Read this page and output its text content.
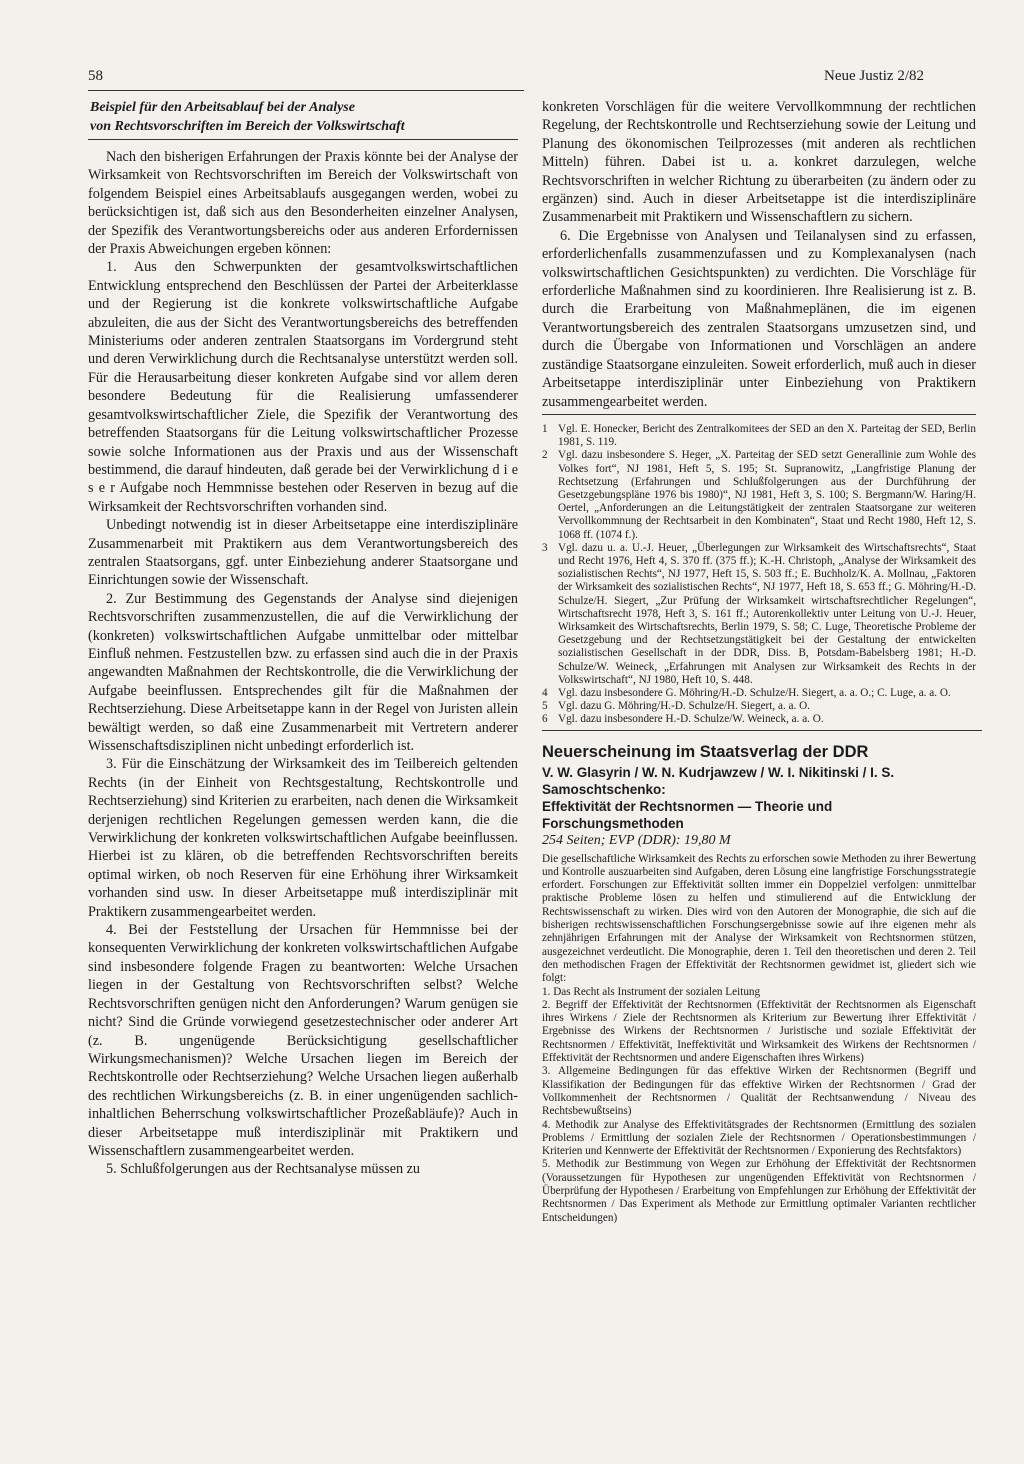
58	Neue Justiz 2/82
Beispiel für den Arbeitsablauf bei der Analyse
von Rechtsvorschriften im Bereich der Volkswirtschaft

Nach den bisherigen Erfahrungen der Praxis könnte bei der Analyse der Wirksamkeit von Rechtsvorschriften im Bereich der Volkswirtschaft von folgendem Beispiel eines Arbeitsablaufs ausgegangen werden, wobei zu berücksichtigen ist, daß sich aus den Besonderheiten einzelner Analysen, der Spezifik des Verantwortungsbereichs oder aus anderen Erfordernissen der Praxis Abweichungen ergeben können:

1. Aus den Schwerpunkten der gesamtvolkswirtschaftlichen Entwicklung entsprechend den Beschlüssen der Partei der Arbeiterklasse und der Regierung ist die konkrete volkswirtschaftliche Aufgabe abzuleiten, die aus der Sicht des Verantwortungsbereichs des betreffenden Ministeriums oder anderen zentralen Staatsorgans im Vordergrund steht und deren Verwirklichung durch die Rechtsanalyse unterstützt werden soll. Für die Herausarbeitung dieser konkreten Aufgabe sind vor allem deren besondere Bedeutung für die Realisierung umfassenderer gesamtvolkswirtschaftlicher Ziele, die Spezifik der Verantwortung des betreffenden Staatsorgans für die Leitung volkswirtschaftlicher Prozesse sowie solche Informationen aus der Praxis und aus der Wissenschaft bestimmend, die darauf hindeuten, daß gerade bei der Verwirklichung d i e s e r Aufgabe noch Hemmnisse bestehen oder Reserven in bezug auf die Wirksamkeit der Rechtsvorschriften vorhanden sind.

Unbedingt notwendig ist in dieser Arbeitsetappe eine interdisziplinäre Zusammenarbeit mit Praktikern aus dem Verantwortungsbereich des zentralen Staatsorgans, ggf. unter Einbeziehung anderer Staatsorgane und Einrichtungen sowie der Wissenschaft.

2. Zur Bestimmung des Gegenstands der Analyse sind diejenigen Rechtsvorschriften zusammenzustellen, die auf die Verwirklichung der (konkreten) volkswirtschaftlichen Aufgabe unmittelbar oder mittelbar Einfluß nehmen. Festzustellen bzw. zu erfassen sind auch die in der Praxis angewandten Maßnahmen der Rechtskontrolle, die die Verwirklichung der Aufgabe beeinflussen. Entsprechendes gilt für die Maßnahmen der Rechtserziehung. Diese Arbeitsetappe kann in der Regel von Juristen allein bewältigt werden, so daß eine Zusammenarbeit mit Vertretern anderer Wissenschaftsdisziplinen nicht unbedingt erforderlich ist.

3. Für die Einschätzung der Wirksamkeit des im Teilbereich geltenden Rechts (in der Einheit von Rechtsgestaltung, Rechtskontrolle und Rechtserziehung) sind Kriterien zu erarbeiten, nach denen die Wirksamkeit derjenigen rechtlichen Regelungen gemessen werden kann, die die Verwirklichung der konkreten volkswirtschaftlichen Aufgabe beeinflussen. Hierbei ist zu klären, ob die betreffenden Rechtsvorschriften bereits optimal wirken, ob noch Reserven für eine Erhöhung ihrer Wirksamkeit vorhanden sind usw. In dieser Arbeitsetappe muß interdisziplinär mit Praktikern zusammengearbeitet werden.

4. Bei der Feststellung der Ursachen für Hemmnisse bei der konsequenten Verwirklichung der konkreten volkswirtschaftlichen Aufgabe sind insbesondere folgende Fragen zu beantworten: Welche Ursachen liegen in der Gestaltung von Rechtsvorschriften selbst? Welche Rechtsvorschriften genügen nicht den Anforderungen? Warum genügen sie nicht? Sind die Gründe vorwiegend gesetzestechnischer oder anderer Art (z. B. ungenügende Berücksichtigung gesellschaftlicher Wirkungsmechanismen)? Welche Ursachen liegen im Bereich der Rechtskontrolle oder Rechtserziehung? Welche Ursachen liegen außerhalb des rechtlichen Wirkungsbereichs (z. B. in einer ungenügenden sachlich-inhaltlichen Beherrschung volkswirtschaftlicher Prozeßabläufe)? Auch in dieser Arbeitsetappe muß interdisziplinär mit Praktikern und Wissenschaftlern zusammengearbeitet werden.

5. Schlußfolgerungen aus der Rechtsanalyse müssen zu

konkreten Vorschlägen für die weitere Vervollkommnung der rechtlichen Regelung, der Rechtskontrolle und Rechtserziehung sowie der Leitung und Planung des ökonomischen Teilprozesses (mit anderen als rechtlichen Mitteln) führen. Dabei ist u. a. konkret darzulegen, welche Rechtsvorschriften in welcher Richtung zu überarbeiten (zu ändern oder zu ergänzen) sind. Auch in dieser Arbeitsetappe ist die interdisziplinäre Zusammenarbeit mit Praktikern und Wissenschaftlern zu sichern.

6. Die Ergebnisse von Analysen und Teilanalysen sind zu erfassen, erforderlichenfalls zusammenzufassen und zu Komplexanalysen (nach volkswirtschaftlichen Gesichtspunkten) zu verdichten. Die Vorschläge für erforderliche Maßnahmen sind zu koordinieren. Ihre Realisierung ist z. B. durch die Erarbeitung von Maßnahmeplänen, die im eigenen Verantwortungsbereich des zentralen Staatsorgans umzusetzen sind, und durch die Übergabe von Informationen und Vorschlägen an andere zuständige Staatsorgane einzuleiten. Soweit erforderlich, muß auch in dieser Arbeitsetappe interdisziplinär unter Einbeziehung von Praktikern zusammengearbeitet werden.

1 Vgl. E. Honecker, Bericht des Zentralkomitees der SED an den X. Parteitag der SED, Berlin 1981, S. 119.
2 Vgl. dazu insbesondere S. Heger, „X. Parteitag der SED setzt Generallinie zum Wohle des Volkes fort“, NJ 1981, Heft 5, S. 195; St. Supranowitz, „Langfristige Planung der Rechtsetzung (Erfahrungen und Schlußfolgerungen aus der Durchführung der Gesetzgebungspläne 1976 bis 1980)“, NJ 1981, Heft 3, S. 100; S. Bergmann/W. Haring/H. Oertel, „Anforderungen an die Leitungstätigkeit der zentralen Staatsorgane zur weiteren Vervollkommnung der Rechtsarbeit in den Kombinaten“, Staat und Recht 1980, Heft 12, S. 1068 ff. (1074 f.).
3 Vgl. dazu u. a. U.-J. Heuer, „Überlegungen zur Wirksamkeit des Wirtschaftsrechts“, Staat und Recht 1976, Heft 4, S. 370 ff. (375 ff.); K.-H. Christoph, „Analyse der Wirksamkeit des sozialistischen Rechts“, NJ 1977, Heft 15, S. 503 ff.; E. Buchholz/K. A. Mollnau, „Faktoren der Wirksamkeit des sozialistischen Rechts“, NJ 1977, Heft 18, S. 653 ff.; G. Möhring/H.-D. Schulze/H. Siegert, „Zur Prüfung der Wirksamkeit wirtschaftsrechtlicher Regelungen“, Wirtschaftsrecht 1978, Heft 3, S. 161 ff.; Autorenkollektiv unter Leitung von U.-J. Heuer, Wirksamkeit des Wirtschaftsrechts, Berlin 1979, S. 58; C. Luge, Theoretische Probleme der Gesetzgebung und der Rechtsetzungstätigkeit bei der Gestaltung der entwickelten sozialistischen Gesellschaft in der DDR, Diss. B, Potsdam-Babelsberg 1981; H.-D. Schulze/W. Weineck, „Erfahrungen mit Analysen zur Wirksamkeit des Rechts in der Volkswirtschaft“, NJ 1980, Heft 10, S. 448.
4 Vgl. dazu insbesondere G. Möhring/H.-D. Schulze/H. Siegert, a. a. O.; C. Luge, a. a. O.
5 Vgl. dazu G. Möhring/H.-D. Schulze/H. Siegert, a. a. O.
6 Vgl. dazu insbesondere H.-D. Schulze/W. Weineck, a. a. O.
Neuerscheinung im Staatsverlag der DDR
V. W. Glasyrin / W. N. Kudrjawzew / W. I. Nikitinski / I. S. Samoschtschenko:
Effektivität der Rechtsnormen — Theorie und Forschungsmethoden
254 Seiten; EVP (DDR): 19,80 M

Die gesellschaftliche Wirksamkeit des Rechts zu erforschen sowie Methoden zu ihrer Bewertung und Kontrolle auszuarbeiten sind Aufgaben, deren Lösung eine langfristige Forschungsstrategie erfordert. Forschungen zur Effektivität sollten immer ein Doppelziel verfolgen: unmittelbar praktische Probleme lösen zu helfen und stimulierend auf die Entwicklung der Rechtswissenschaft zu wirken. Dies wird von den Autoren der Monographie, die sich auf die bisherigen rechtswissenschaftlichen Forschungsergebnisse sowie auf ihre eigenen mehr als zehnjährigen Erfahrungen mit der Analyse der Wirksamkeit von Rechtsnormen stützen, ausgezeichnet verdeutlicht. Die Monographie, deren 1. Teil den theoretischen und deren 2. Teil den methodischen Fragen der Effektivität der Rechtsnormen gewidmet ist, gliedert sich wie folgt:

1. Das Recht als Instrument der sozialen Leitung

2. Begriff der Effektivität der Rechtsnormen (Effektivität der Rechtsnormen als Eigenschaft ihres Wirkens / Ziele der Rechtsnormen als Kriterium zur Bewertung ihrer Effektivität / Ergebnisse des Wirkens der Rechtsnormen / Juristische und soziale Effektivität der Rechtsnormen / Effektivität, Ineffektivität und Wirksamkeit des Wirkens der Rechtsnormen / Effektivität der Rechtsnormen und andere Eigenschaften ihres Wirkens)

3. Allgemeine Bedingungen für das effektive Wirken der Rechtsnormen (Begriff und Klassifikation der Bedingungen für das effektive Wirken der Rechtsnormen / Grad der Vollkommenheit der Rechtsnormen / Qualität der Rechtsanwendung / Niveau des Rechtsbewußtseins)

4. Methodik zur Analyse des Effektivitätsgrades der Rechtsnormen (Ermittlung des sozialen Problems / Ermittlung der sozialen Ziele der Rechtsnormen / Operationsbestimmungen / Kriterien und Kennwerte der Effektivität der Rechtsnormen / Exponierung des Rechtsfaktors)

5. Methodik zur Bestimmung von Wegen zur Erhöhung der Effektivität der Rechtsnormen (Voraussetzungen für Hypothesen zur ungenügenden Effektivität von Rechtsnormen / Überprüfung der Hypothesen / Erarbeitung von Empfehlungen zur Erhöhung der Effektivität der Rechtsnormen / Das Experiment als Methode zur Ermittlung optimaler Varianten rechtlicher Entscheidungen)
